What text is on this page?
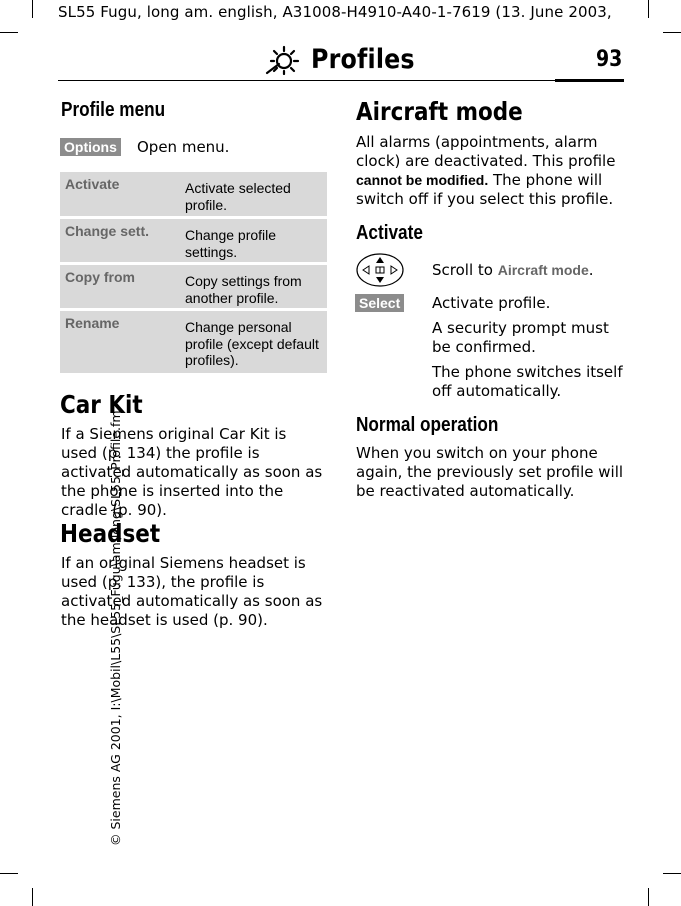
SL55 Fugu, long am. english, A31008-H4910-A40-1-7619 (13. June 2003,
© Siemens AG 2001, I:\Mobil\L55\SL55_Fugu\am\long\SL55_Profile.fm
Profiles	93
Profile menu
Options Open menu.
Activate	Activate selected profile.
Change sett.	Change profile settings.
Copy from	Copy settings from another profile.
Rename	Change personal profile (except default profiles).
Car Kit
If a Siemens original Car Kit is used (p. 134) the profile is activated automatically as soon as the phone is inserted into the cradle (p. 90).
Headset
If an original Siemens headset is used (p. 133), the profile is activated automatically as soon as the headset is used (p. 90).
Aircraft mode
All alarms (appointments, alarm clock) are deactivated. This profile cannot be modified. The phone will switch off if you select this profile.
Activate
Scroll to Aircraft mode.
Select Activate profile.
A security prompt must be confirmed.
The phone switches itself off automatically.
Normal operation
When you switch on your phone again, the previously set profile will be reactivated automatically.
